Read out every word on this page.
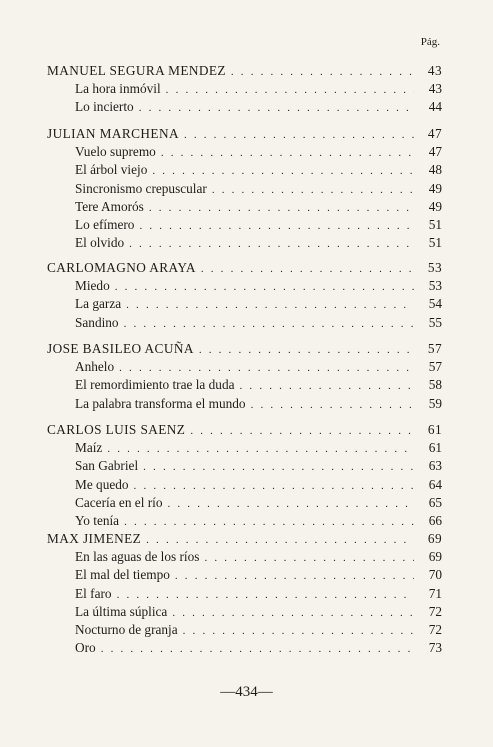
Pág.
MANUEL SEGURA MENDEZ . . .	43
La hora inmóvil . . .	43
Lo incierto . . .	44
JULIAN MARCHENA . . .	47
Vuelo supremo . . .	47
El árbol viejo . . .	48
Sincronismo crepuscular . . .	49
Tere Amorós . . .	49
Lo efímero . . .	51
El olvido . . .	51
CARLOMAGNO ARAYA . . .	53
Miedo . . .	53
La garza . . .	54
Sandino . . .	55
JOSE BASILEO ACUÑA . . .	57
Anhelo . . .	57
El remordimiento trae la duda . . .	58
La palabra transforma el mundo . . .	59
CARLOS LUIS SAENZ . . .	61
Maíz . . .	61
San Gabriel . . .	63
Me quedo . . .	64
Cacería en el río . . .	65
Yo tenía . . .	66
MAX JIMENEZ . . .	69
En las aguas de los ríos . . .	69
El mal del tiempo . . .	70
El faro . . .	71
La última súplica . . .	72
Nocturno de granja . . .	72
Oro . . .	73
—434—
